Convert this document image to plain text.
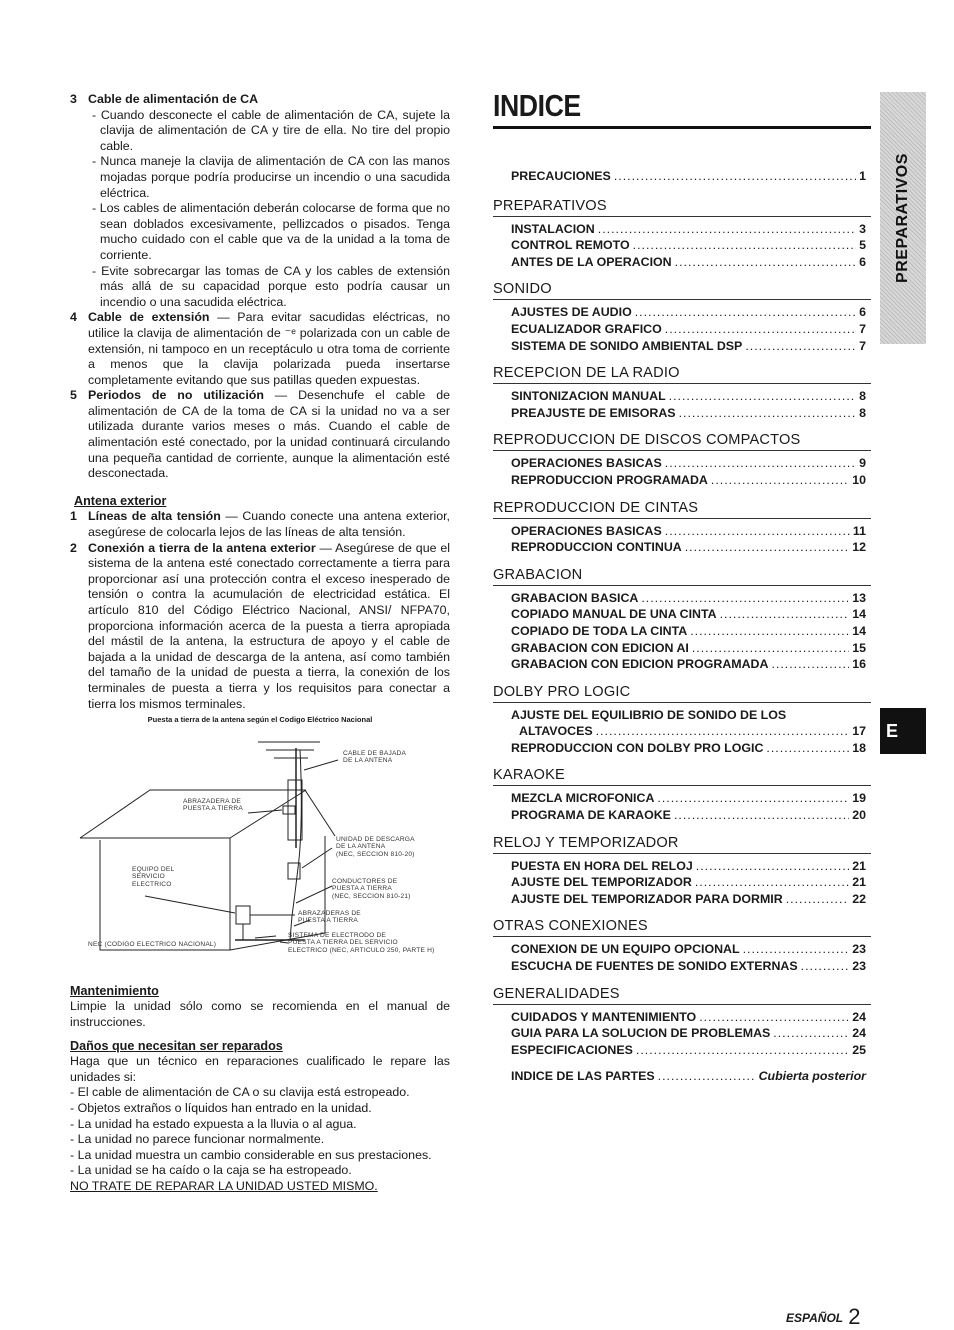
3 Cable de alimentación de CA

- Cuando desconecte el cable de alimentación de CA, sujete la clavija de alimentación de CA y tire de ella. No tire del propio cable.

- Nunca maneje la clavija de alimentación de CA con las manos mojadas porque podría producirse un incendio o una sacudida eléctrica.

- Los cables de alimentación deberán colocarse de forma que no sean doblados excesivamente, pellizcados o pisados. Tenga mucho cuidado con el cable que va de la unidad a la toma de corriente.

- Evite sobrecargar las tomas de CA y los cables de extensión más allá de su capacidad porque esto podría causar un incendio o una sacudida eléctrica.

4 Cable de extensión — Para evitar sacudidas eléctricas, no utilice la clavija de alimentación de ⁻ᵉ polarizada con un cable de extensión, ni tampoco en un receptáculo u otra toma de corriente a menos que la clavija polarizada pueda insertarse completamente evitando que sus patillas queden expuestas.

5 Periodos de no utilización — Desenchufe el cable de alimentación de CA de la toma de CA si la unidad no va a ser utilizada durante varios meses o más. Cuando el cable de alimentación esté conectado, por la unidad continuará circulando una pequeña cantidad de corriente, aunque la alimentación esté desconectada.

Antena exterior

1 Líneas de alta tensión — Cuando conecte una antena exterior, asegúrese de colocarla lejos de las líneas de alta tensión.

2 Conexión a tierra de la antena exterior — Asegúrese de que el sistema de la antena esté conectado correctamente a tierra para proporcionar así una protección contra el exceso inesperado de tensión o contra la acumulación de electricidad estática. El artículo 810 del Código Eléctrico Nacional, ANSI/ NFPA70, proporciona información acerca de la puesta a tierra apropiada del mástil de la antena, la estructura de apoyo y el cable de bajada a la unidad de descarga de la antena, así como también del tamaño de la unidad de puesta a tierra, la conexión de los terminales de puesta a tierra y los requisitos para conectar a tierra los mismos terminales.

Puesta a tierra de la antena según el Codigo Eléctrico Nacional

CABLE DE BAJADA
DE LA ANTENA
ABRAZADERA DE
PUESTA A TIERRA
UNIDAD DE DESCARGA
DE LA ANTENA
(NEC, SECCION 810-20)
EQUIPO DEL
SERVICIO
ELECTRICO	CONDUCTORES DE
PUESTA A TIERRA
(NEC, SECCION 810-21)
ABRAZADERAS DE
PUESTA A TIERRA
NEC (CODIGO ELECTRICO NACIONAL)
SISTEMA DE ELECTRODO DE
PUESTA A TIERRA DEL SERVICIO
ELECTRICO (NEC, ARTICULO 250, PARTE H)

Mantenimiento

Limpie la unidad sólo como se recomienda en el manual de instrucciones.

Daños que necesitan ser reparados

Haga que un técnico en reparaciones cualificado le repare las unidades si:

- El cable de alimentación de CA o su clavija está estropeado.

- Objetos extraños o líquidos han entrado en la unidad.

- La unidad ha estado expuesta a la lluvia o al agua.

- La unidad no parece funcionar normalmente.

- La unidad muestra un cambio considerable en sus prestaciones.

- La unidad se ha caído o la caja se ha estropeado.

NO TRATE DE REPARAR LA UNIDAD USTED MISMO.

INDICE
PRECAUCIONES .....	1
PREPARATIVOS
INSTALACION .....	3
CONTROL REMOTO .....	5
ANTES DE LA OPERACION .....	6
SONIDO
AJUSTES DE AUDIO .....	6
ECUALIZADOR GRAFICO .....	7
SISTEMA DE SONIDO AMBIENTAL DSP .....	7
RECEPCION DE LA RADIO
SINTONIZACION MANUAL .....	8
PREAJUSTE DE EMISORAS .....	8
REPRODUCCION DE DISCOS COMPACTOS
OPERACIONES BASICAS .....	9
REPRODUCCION PROGRAMADA .....	10
REPRODUCCION DE CINTAS
OPERACIONES BASICAS .....	11
REPRODUCCION CONTINUA .....	12
GRABACION
GRABACION BASICA .....	13
COPIADO MANUAL DE UNA CINTA .....	14
COPIADO DE TODA LA CINTA .....	14
GRABACION CON EDICION AI .....	15
GRABACION CON EDICION PROGRAMADA .....	16
DOLBY PRO LOGIC
AJUSTE DEL EQUILIBRIO DE SONIDO DE LOS
ALTAVOCES .....	17
REPRODUCCION CON DOLBY PRO LOGIC .....	18
KARAOKE
MEZCLA MICROFONICA .....	19
PROGRAMA DE KARAOKE .....	20
RELOJ Y TEMPORIZADOR
PUESTA EN HORA DEL RELOJ .....	21
AJUSTE DEL TEMPORIZADOR .....	21
AJUSTE DEL TEMPORIZADOR PARA DORMIR .....	22
OTRAS CONEXIONES
CONEXION DE UN EQUIPO OPCIONAL .....	23
ESCUCHA DE FUENTES DE SONIDO EXTERNAS .....	23
GENERALIDADES
CUIDADOS Y MANTENIMIENTO .....	24
GUIA PARA LA SOLUCION DE PROBLEMAS .....	24
ESPECIFICACIONES .....	25
INDICE DE LAS PARTES .....	Cubierta posterior
PREPARATIVOS
E
ESPAÑOL 2
